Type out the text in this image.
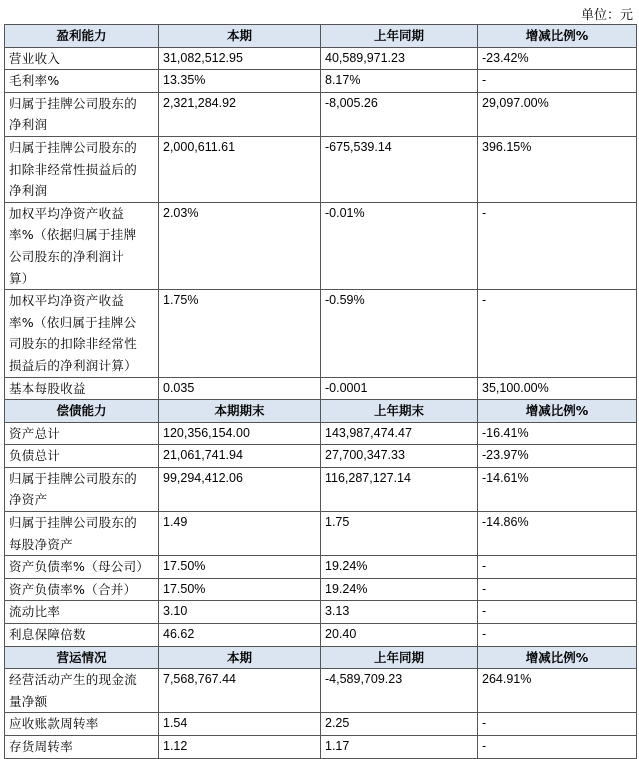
单位：元
盈利能力	本期	上年同期	增减比例%
营业收入	31,082,512.95	40,589,971.23	-23.42%
毛利率%	13.35%	8.17%	-
归属于挂牌公司股东的
净利润	2,321,284.92	-8,005.26	29,097.00%
归属于挂牌公司股东的
扣除非经常性损益后的
净利润	2,000,611.61	-675,539.14	396.15%
加权平均净资产收益
率%（依据归属于挂牌
公司股东的净利润计
算）	2.03%	-0.01%	-
加权平均净资产收益
率%（依归属于挂牌公
司股东的扣除非经常性
损益后的净利润计算）	1.75%	-0.59%	-
基本每股收益	0.035	-0.0001	35,100.00%
偿债能力	本期期末	上年期末	增减比例%
资产总计	120,356,154.00	143,987,474.47	-16.41%
负债总计	21,061,741.94	27,700,347.33	-23.97%
归属于挂牌公司股东的
净资产	99,294,412.06	116,287,127.14	-14.61%
归属于挂牌公司股东的
每股净资产	1.49	1.75	-14.86%
资产负债率%（母公司）	17.50%	19.24%	-
资产负债率%（合并）	17.50%	19.24%	-
流动比率	3.10	3.13	-
利息保障倍数	46.62	20.40	-
营运情况	本期	上年同期	增减比例%
经营活动产生的现金流
量净额	7,568,767.44	-4,589,709.23	264.91%
应收账款周转率	1.54	2.25	-
存货周转率	1.12	1.17	-
